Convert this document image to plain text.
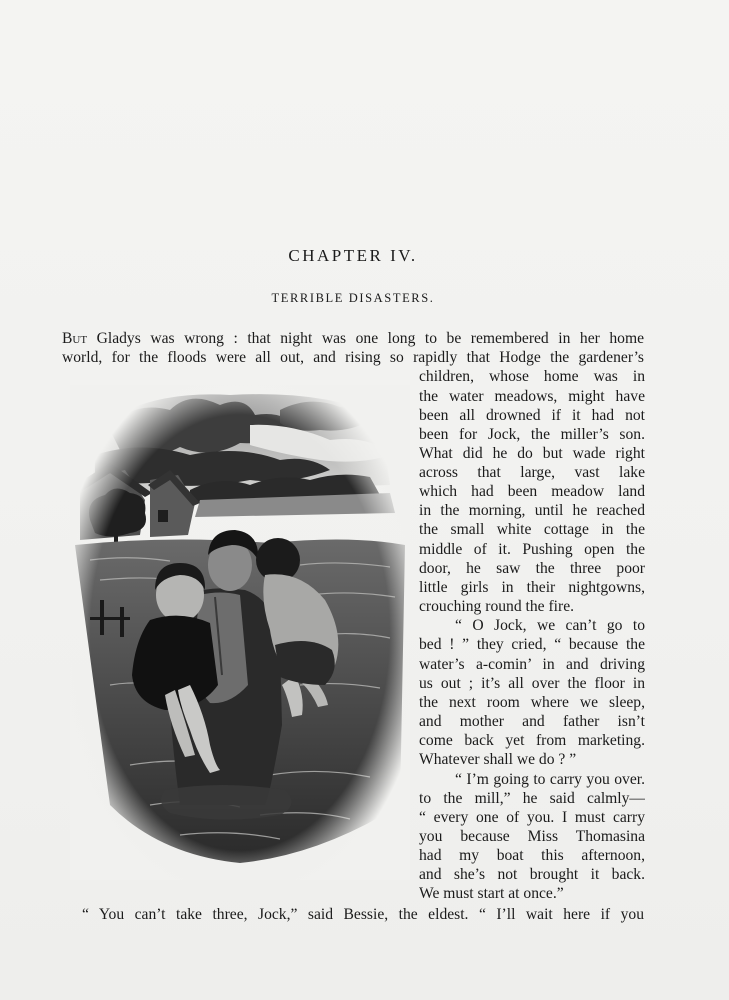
CHAPTER IV.
TERRIBLE DISASTERS.
But Gladys was wrong : that night was one long to be remembered in her home
world, for the floods were all out, and rising so rapidly that Hodge the gardener’s
children, whose home was in
the water meadows, might have
been all drowned if it had not
been for Jock, the miller’s son.
What did he do but wade right
across that large, vast lake
which had been meadow land
in the morning, until he reached
the small white cottage in the
middle of it. Pushing open the
door, he saw the three poor
little girls in their nightgowns,
crouching round the fire.
“ O Jock, we can’t go to
bed ! ” they cried, “ because the
water’s a-comin’ in and driving
us out ; it’s all over the floor in
the next room where we sleep,
and mother and father isn’t
come back yet from marketing.
Whatever shall we do ? ”
“ I’m going to carry you over.
to the mill,” he said calmly—
“ every one of you. I must carry
you because Miss Thomasina
had my boat this afternoon,
and she’s not brought it back.
We must start at once.”
“ You can’t take three, Jock,” said Bessie, the eldest. “ I’ll wait here if you
